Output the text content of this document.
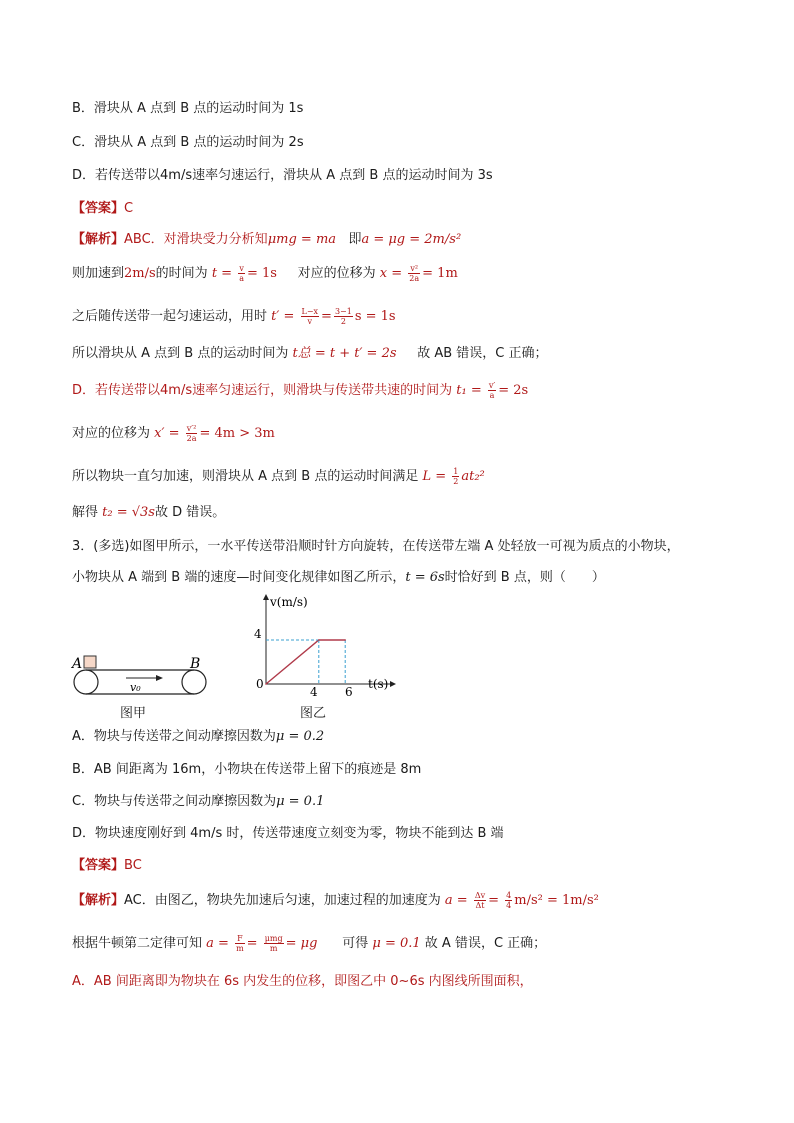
B．滑块从 A 点到 B 点的运动时间为 1s
C．滑块从 A 点到 B 点的运动时间为 2s
D．若传送带以4m/s速率匀速运行，滑块从 A 点到 B 点的运动时间为 3s
【答案】C
【解析】ABC．对滑块受力分析知μmg = ma 即a = μg = 2m/s²
则加速到2m/s的时间为 $t = \frac{v}{a} = 1s$ 对应的位移为 $x = \frac{\text{v²}}{2a} = 1m$
之后随传送带一起匀速运动，用时 $t' = \frac{L-x}{v} = \frac{3-1}{2}$ s = 1s
所以滑块从 A 点到 B 点的运动时间为 t总 = t + t′ = 2s 故 AB 错误，C 正确；
D．若传送带以4m/s速率匀速运行，则滑块与传送带共速的时间为 $t_1 = \frac{v'}{a} = 2s$
对应的位移为 $x' = \frac{\text{v′²}}{2a} = 4m > 3m$
所以物块一直匀加速，则滑块从 A 点到 B 点的运动时间满足 $L = \frac{1}{2} at_2^2$
解得 t₂ = √3s故 D 错误。
3．(多选)如图甲所示，一水平传送带沿顺时针方向旋转，在传送带左端 A 处轻放一可视为质点的小物块，
小物块从 A 端到 B 端的速度—时间变化规律如图乙所示，t = 6s时恰好到 B 点，则（　　）
A	B
v₀
图甲
v(m/s)
t(s)
4
0
4 6
图乙
A．物块与传送带之间动摩擦因数为μ = 0.2
B．AB 间距离为 16m，小物块在传送带上留下的痕迹是 8m
C．物块与传送带之间动摩擦因数为μ = 0.1
D．物块速度刚好到 4m/s 时，传送带速度立刻变为零，物块不能到达 B 端
【答案】BC
【解析】AC．由图乙，物块先加速后匀速，加速过程的加速度为 $a = \frac{\Delta v}{\Delta t} = \frac{4}{4} m/s^2 = 1m/s^2$
根据牛顿第二定律可知 $a = \frac{F}{m} = \frac{\text{μmg}}{m} = \mu g$ 可得 μ = 0.1 故 A 错误，C 正确；
A．AB 间距离即为物块在 6s 内发生的位移，即图乙中 0~6s 内图线所围面积，
